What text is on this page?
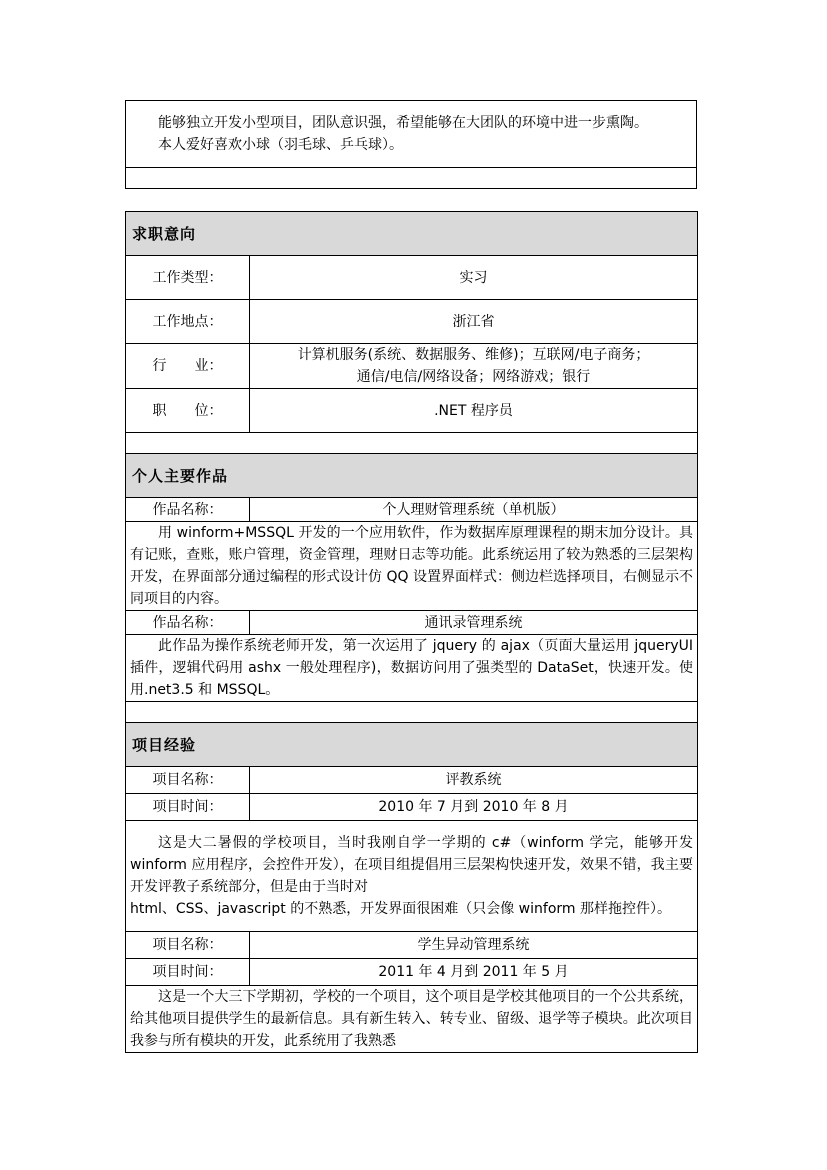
能够独立开发小型项目，团队意识强，希望能够在大团队的环境中进一步熏陶。
本人爱好喜欢小球（羽毛球、乒乓球）。

求职意向	
工作类型：	实习
工作地点：	浙江省
行　　业：	计算机服务(系统、数据服务、维修)；互联网/电子商务；
通信/电信/网络设备；网络游戏；银行

职　　位：	.NET 程序员

个人主要作品	
作品名称：	个人理财管理系统（单机版）
用 winform+MSSQL 开发的一个应用软件，作为数据库原理课程的期末加分设计。具有记账，查账，账户管理，资金管理，理财日志等功能。此系统运用了较为熟悉的三层架构开发，在界面部分通过编程的形式设计仿 QQ 设置界面样式：侧边栏选择项目，右侧显示不同项目的内容。	
作品名称：	通讯录管理系统
此作品为操作系统老师开发，第一次运用了 jquery 的 ajax（页面大量运用 jqueryUI 插件，逻辑代码用 ashx 一般处理程序)，数据访问用了强类型的 DataSet，快速开发。使用.net3.5 和 MSSQL。	

项目经验	
项目名称：	评教系统
项目时间：	2010 年 7 月到 2010 年 8 月

这是大二暑假的学校项目，当时我刚自学一学期的 c#（winform 学完，能够开发 winform 应用程序，会控件开发），在项目组提倡用三层架构快速开发，效果不错，我主要开发评教子系统部分，但是由于当时对
html、CSS、javascript 的不熟悉，开发界面很困难（只会像 winform 那样拖控件）。	

项目名称：	学生异动管理系统
项目时间：	2011 年 4 月到 2011 年 5 月
这是一个大三下学期初，学校的一个项目，这个项目是学校其他项目的一个公共系统，给其他项目提供学生的最新信息。具有新生转入、转专业、留级、退学等子模块。此次项目我参与所有模块的开发，此系统用了我熟悉	
